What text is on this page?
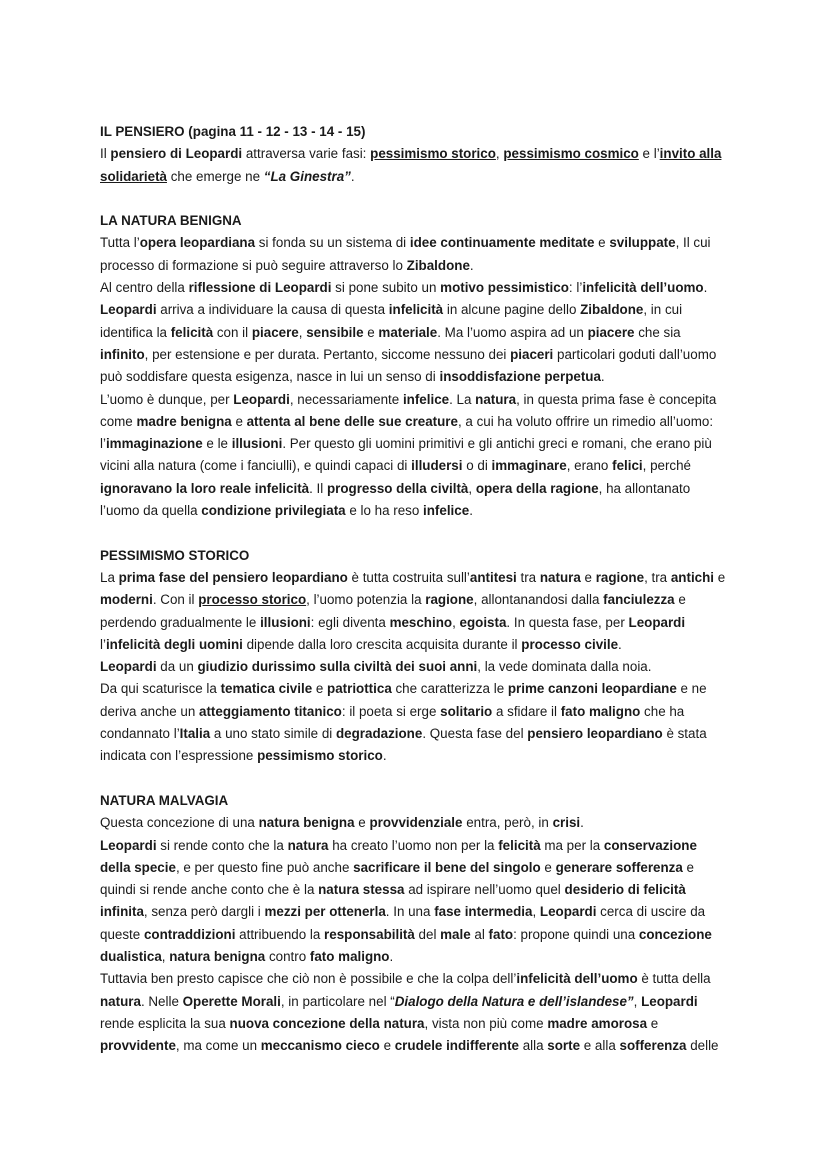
IL PENSIERO (pagina 11 - 12 - 13 - 14 - 15)

Il pensiero di Leopardi attraversa varie fasi: pessimismo storico, pessimismo cosmico e l’invito alla solidarietà che emerge ne “La Ginestra”.

LA NATURA BENIGNA

Tutta l’opera leopardiana si fonda su un sistema di idee continuamente meditate e sviluppate, Il cui processo di formazione si può seguire attraverso lo Zibaldone.

Al centro della riflessione di Leopardi si pone subito un motivo pessimistico: l’infelicità dell’uomo. Leopardi arriva a individuare la causa di questa infelicità in alcune pagine dello Zibaldone, in cui identifica la felicità con il piacere, sensibile e materiale. Ma l’uomo aspira ad un piacere che sia infinito, per estensione e per durata. Pertanto, siccome nessuno dei piaceri particolari goduti dall’uomo può soddisfare questa esigenza, nasce in lui un senso di insoddisfazione perpetua.

L’uomo è dunque, per Leopardi, necessariamente infelice. La natura, in questa prima fase è concepita come madre benigna e attenta al bene delle sue creature, a cui ha voluto offrire un rimedio all’uomo: l’immaginazione e le illusioni. Per questo gli uomini primitivi e gli antichi greci e romani, che erano più vicini alla natura (come i fanciulli), e quindi capaci di illudersi o di immaginare, erano felici, perché ignoravano la loro reale infelicità. Il progresso della civiltà, opera della ragione, ha allontanato l’uomo da quella condizione privilegiata e lo ha reso infelice.

PESSIMISMO STORICO

La prima fase del pensiero leopardiano è tutta costruita sull’antitesi tra natura e ragione, tra antichi e moderni. Con il processo storico, l’uomo potenzia la ragione, allontanandosi dalla fanciulezza e perdendo gradualmente le illusioni: egli diventa meschino, egoista. In questa fase, per Leopardi l’infelicità degli uomini dipende dalla loro crescita acquisita durante il processo civile.

Leopardi da un giudizio durissimo sulla civiltà dei suoi anni, la vede dominata dalla noia.

Da qui scaturisce la tematica civile e patriottica che caratterizza le prime canzoni leopardiane e ne deriva anche un atteggiamento titanico: il poeta si erge solitario a sfidare il fato maligno che ha condannato l’Italia a uno stato simile di degradazione. Questa fase del pensiero leopardiano è stata indicata con l’espressione pessimismo storico.

NATURA MALVAGIA

Questa concezione di una natura benigna e provvidenziale entra, però, in crisi.

Leopardi si rende conto che la natura ha creato l’uomo non per la felicità ma per la conservazione della specie, e per questo fine può anche sacrificare il bene del singolo e generare sofferenza e quindi si rende anche conto che è la natura stessa ad ispirare nell’uomo quel desiderio di felicità infinita, senza però dargli i mezzi per ottenerla. In una fase intermedia, Leopardi cerca di uscire da queste contraddizioni attribuendo la responsabilità del male al fato: propone quindi una concezione dualistica, natura benigna contro fato maligno.

Tuttavia ben presto capisce che ciò non è possibile e che la colpa dell’infelicità dell’uomo è tutta della natura. Nelle Operette Morali, in particolare nel “Dialogo della Natura e dell’islandese”, Leopardi rende esplicita la sua nuova concezione della natura, vista non più come madre amorosa e provvidente, ma come un meccanismo cieco e crudele indifferente alla sorte e alla sofferenza delle
